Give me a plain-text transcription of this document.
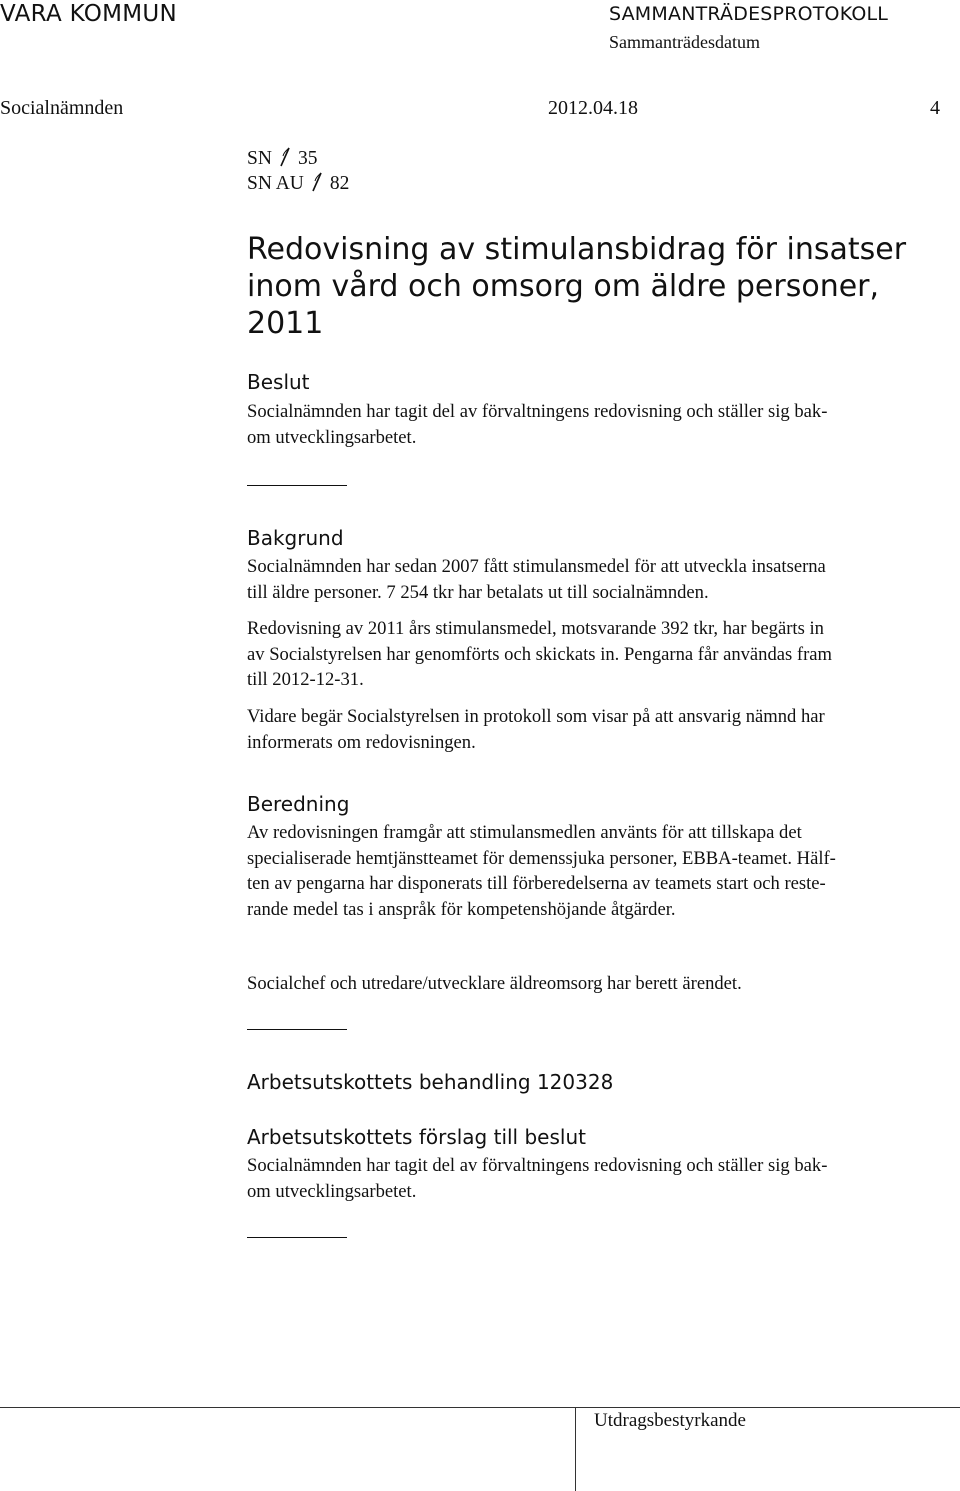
VARA KOMMUN	SAMMANTRÄDESPROTOKOLL
Sammanträdesdatum
Socialnämnden	2012.04.18	4
SN 35
SN AU 82
Redovisning av stimulansbidrag för insatser
inom vård och omsorg om äldre personer,
2011
Beslut
Socialnämnden har tagit del av förvaltningens redovisning och ställer sig bak-
om utvecklingsarbetet.
Bakgrund
Socialnämnden har sedan 2007 fått stimulansmedel för att utveckla insatserna
till äldre personer. 7 254 tkr har betalats ut till socialnämnden.
Redovisning av 2011 års stimulansmedel, motsvarande 392 tkr, har begärts in
av Socialstyrelsen har genomförts och skickats in. Pengarna får användas fram
till 2012-12-31.
Vidare begär Socialstyrelsen in protokoll som visar på att ansvarig nämnd har
informerats om redovisningen.
Beredning
Av redovisningen framgår att stimulansmedlen använts för att tillskapa det
specialiserade hemtjänstteamet för demenssjuka personer, EBBA-teamet. Hälf-
ten av pengarna har disponerats till förberedelserna av teamets start och reste-
rande medel tas i anspråk för kompetenshöjande åtgärder.
Socialchef och utredare/utvecklare äldreomsorg har berett ärendet.
Arbetsutskottets behandling 120328
Arbetsutskottets förslag till beslut
Socialnämnden har tagit del av förvaltningens redovisning och ställer sig bak-
om utvecklingsarbetet.
Utdragsbestyrkande
